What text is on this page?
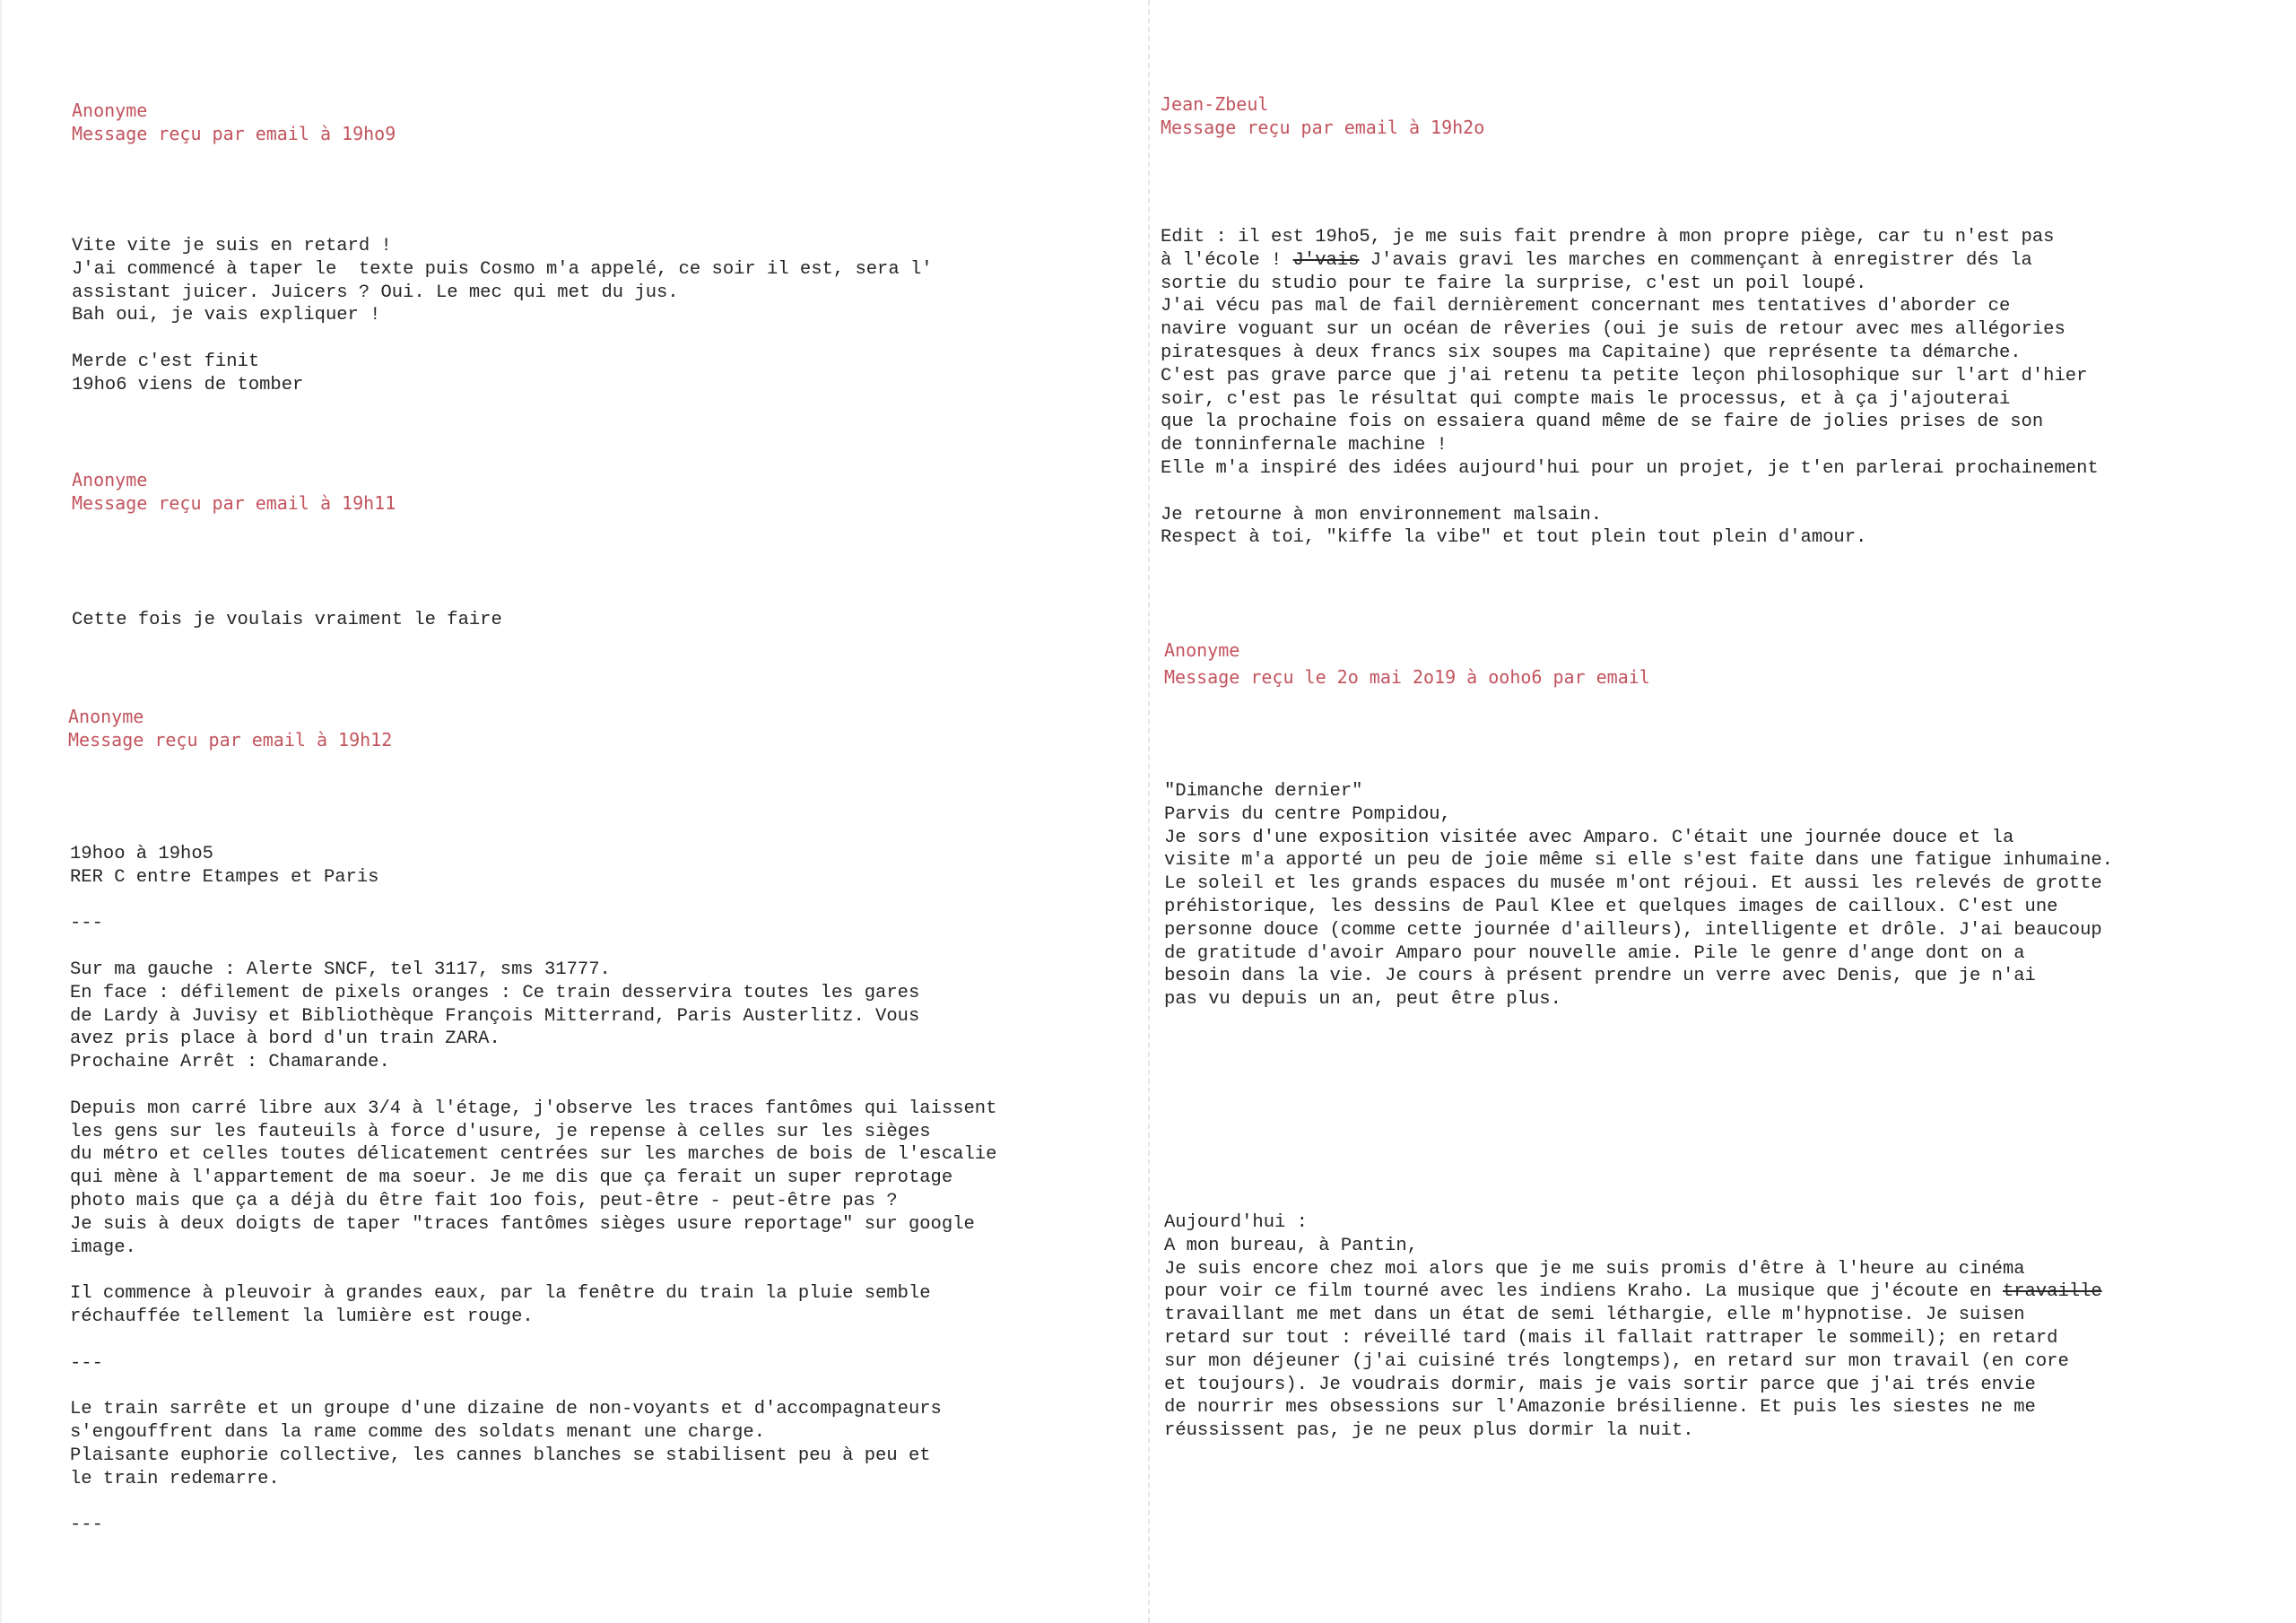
Anonyme

Message reçu par email à 19ho9

Vite vite je suis en retard !
J'ai commencé à taper le  texte puis Cosmo m'a appelé, ce soir il est, sera l'
assistant juicer. Juicers ? Oui. Le mec qui met du jus.
Bah oui, je vais expliquer !

Merde c'est finit
19ho6 viens de tomber

Anonyme

Message reçu par email à 19h11

Cette fois je voulais vraiment le faire

Anonyme

Message reçu par email à 19h12

19hoo à 19ho5
RER C entre Etampes et Paris

---

Sur ma gauche : Alerte SNCF, tel 3117, sms 31777.
En face : défilement de pixels oranges : Ce train desservira toutes les gares
de Lardy à Juvisy et Bibliothèque François Mitterrand, Paris Austerlitz. Vous
avez pris place à bord d'un train ZARA.
Prochaine Arrêt : Chamarande.

Depuis mon carré libre aux 3/4 à l'étage, j'observe les traces fantômes qui laissent
les gens sur les fauteuils à force d'usure, je repense à celles sur les sièges
du métro et celles toutes délicatement centrées sur les marches de bois de l'escalie
qui mène à l'appartement de ma soeur. Je me dis que ça ferait un super reprotage
photo mais que ça a déjà du être fait 1oo fois, peut-être - peut-être pas ?
Je suis à deux doigts de taper "traces fantômes sièges usure reportage" sur google
image.

Il commence à pleuvoir à grandes eaux, par la fenêtre du train la pluie semble
réchauffée tellement la lumière est rouge.

---

Le train sarrête et un groupe d'une dizaine de non-voyants et d'accompagnateurs
s'engouffrent dans la rame comme des soldats menant une charge.
Plaisante euphorie collective, les cannes blanches se stabilisent peu à peu et
le train redemarre.

---

Jean-Zbeul

Message reçu par email à 19h2o

Edit : il est 19ho5, je me suis fait prendre à mon propre piège, car tu n'est pas
à l'école ! J'vais J'avais gravi les marches en commençant à enregistrer dés la
sortie du studio pour te faire la surprise, c'est un poil loupé.
J'ai vécu pas mal de fail dernièrement concernant mes tentatives d'aborder ce
navire voguant sur un océan de rêveries (oui je suis de retour avec mes allégories
piratesques à deux francs six soupes ma Capitaine) que représente ta démarche.
C'est pas grave parce que j'ai retenu ta petite leçon philosophique sur l'art d'hier
soir, c'est pas le résultat qui compte mais le processus, et à ça j'ajouterai
que la prochaine fois on essaiera quand même de se faire de jolies prises de son
de tonninfernale machine !
Elle m'a inspiré des idées aujourd'hui pour un projet, je t'en parlerai prochainement

Je retourne à mon environnement malsain.
Respect à toi, "kiffe la vibe" et tout plein tout plein d'amour.

Anonyme

Message reçu le 2o mai 2o19 à ooho6 par email

"Dimanche dernier"
Parvis du centre Pompidou,
Je sors d'une exposition visitée avec Amparo. C'était une journée douce et la
visite m'a apporté un peu de joie même si elle s'est faite dans une fatigue inhumaine.
Le soleil et les grands espaces du musée m'ont réjoui. Et aussi les relevés de grotte
préhistorique, les dessins de Paul Klee et quelques images de cailloux. C'est une
personne douce (comme cette journée d'ailleurs), intelligente et drôle. J'ai beaucoup
de gratitude d'avoir Amparo pour nouvelle amie. Pile le genre d'ange dont on a
besoin dans la vie. Je cours à présent prendre un verre avec Denis, que je n'ai
pas vu depuis un an, peut être plus.
Aujourd'hui :
A mon bureau, à Pantin,
Je suis encore chez moi alors que je me suis promis d'être à l'heure au cinéma
pour voir ce film tourné avec les indiens Kraho. La musique que j'écoute en travaille
travaillant me met dans un état de semi léthargie, elle m'hypnotise. Je suisen
retard sur tout : réveillé tard (mais il fallait rattraper le sommeil); en retard
sur mon déjeuner (j'ai cuisiné trés longtemps), en retard sur mon travail (en core
et toujours). Je voudrais dormir, mais je vais sortir parce que j'ai trés envie
de nourrir mes obsessions sur l'Amazonie brésilienne. Et puis les siestes ne me
réussissent pas, je ne peux plus dormir la nuit.
